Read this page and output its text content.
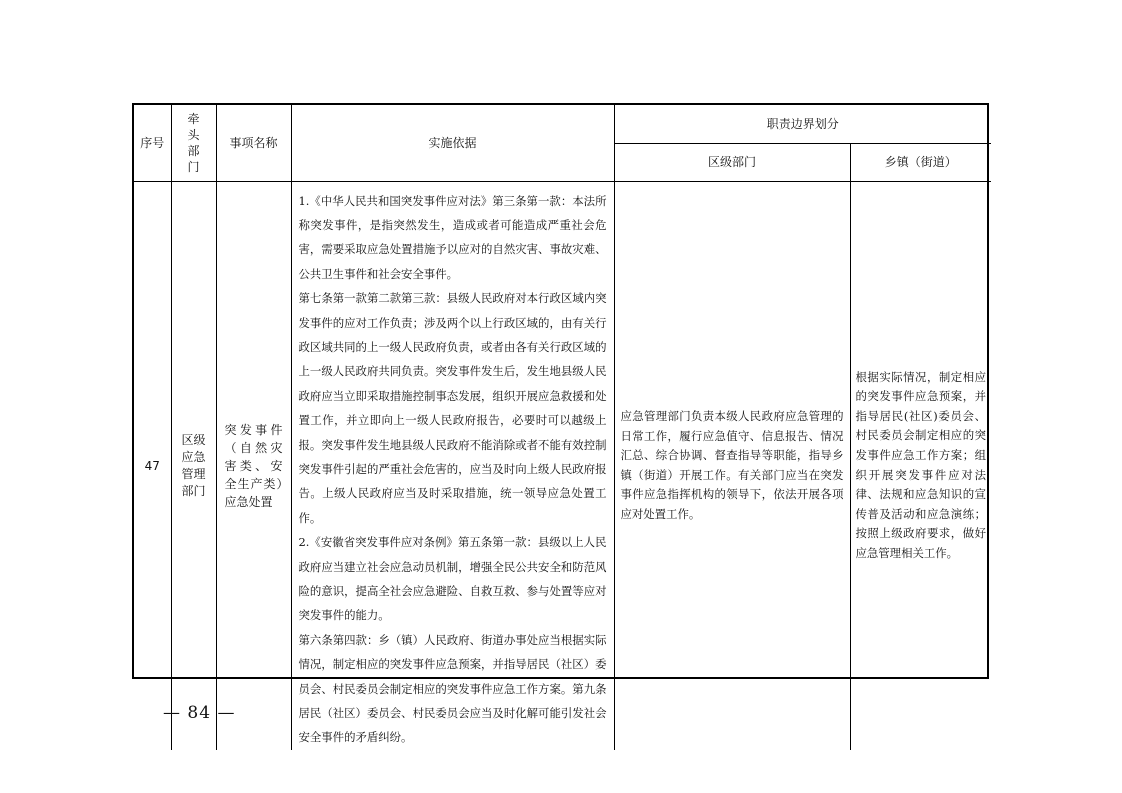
序号	牵头部门	事项名称	实施依据	职责边界划分	
				区级部门	乡镇（街道）
47	区级应急管理部门	突发事件（自然灾害类、安全生产类）应急处置	1.《中华人民共和国突发事件应对法》第三条第一款：本法所称突发事件，是指突然发生，造成或者可能造成严重社会危害，需要采取应急处置措施予以应对的自然灾害、事故灾难、公共卫生事件和社会安全事件。

第七条第一款第二款第三款：县级人民政府对本行政区域内突发事件的应对工作负责；涉及两个以上行政区域的，由有关行政区域共同的上一级人民政府负责，或者由各有关行政区域的上一级人民政府共同负责。突发事件发生后，发生地县级人民政府应当立即采取措施控制事态发展，组织开展应急救援和处置工作，并立即向上一级人民政府报告，必要时可以越级上报。突发事件发生地县级人民政府不能消除或者不能有效控制突发事件引起的严重社会危害的，应当及时向上级人民政府报告。上级人民政府应当及时采取措施，统一领导应急处置工作。

2.《安徽省突发事件应对条例》第五条第一款：县级以上人民政府应当建立社会应急动员机制，增强全民公共安全和防范风险的意识，提高全社会应急避险、自救互救、参与处置等应对突发事件的能力。

第六条第四款：乡（镇）人民政府、街道办事处应当根据实际情况，制定相应的突发事件应急预案，并指导居民（社区）委员会、村民委员会制定相应的突发事件应急工作方案。第九条居民（社区）委员会、村民委员会应当及时化解可能引发社会安全事件的矛盾纠纷。	应急管理部门负责本级人民政府应急管理的日常工作，履行应急值守、信息报告、情况汇总、综合协调、督查指导等职能，指导乡镇（街道）开展工作。有关部门应当在突发事件应急指挥机构的领导下，依法开展各项应对处置工作。	根据实际情况，制定相应的突发事件应急预案，并指导居民(社区)委员会、村民委员会制定相应的突发事件应急工作方案；组织开展突发事件应对法律、法规和应急知识的宣传普及活动和应急演练；按照上级政府要求，做好应急管理相关工作。

— 84 —
